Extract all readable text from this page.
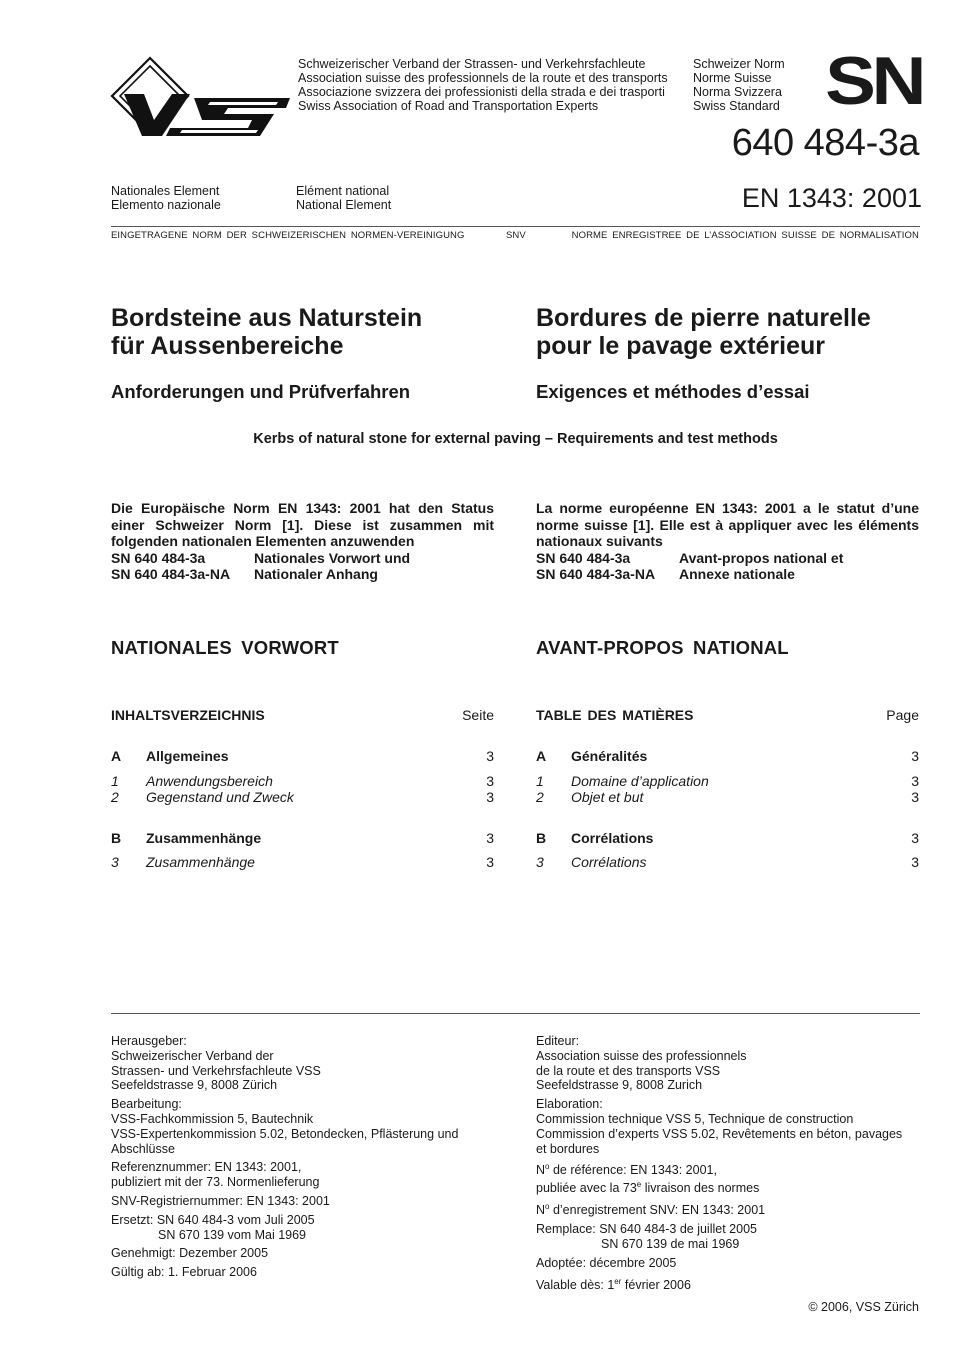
VSS
Schweizerischer Verband der Strassen- und Verkehrsfachleute
Association suisse des professionnels de la route et des transports
Associazione svizzera dei professionisti della strada e dei trasporti
Swiss Association of Road and Transportation Experts
Schweizer Norm
Norme Suisse
Norma Svizzera
Swiss Standard SN
640 484-3a
Nationales Element
Elemento nazionale
Elément national
National Element	EN 1343: 2001
EINGETRAGENE NORM DER SCHWEIZERISCHEN NORMEN-VEREINIGUNG	SNV	NORME ENREGISTREE DE L’ASSOCIATION SUISSE DE NORMALISATION
Bordsteine aus Naturstein
für Aussenbereiche
Bordures de pierre naturelle
pour le pavage extérieur
Anforderungen und Prüfverfahren	Exigences et méthodes d’essai
Kerbs of natural stone for external paving – Requirements and test methods
Die Europäische Norm EN 1343: 2001 hat den Status einer Schweizer Norm [1]. Diese ist zusammen mit folgenden nationalen Elementen anzuwenden
SN 640 484-3a	Nationales Vorwort und
SN 640 484-3a-NA	Nationaler Anhang
La norme européenne EN 1343: 2001 a le statut d’une norme suisse [1]. Elle est à appliquer avec les éléments nationaux suivants
SN 640 484-3a	Avant-propos national et
SN 640 484-3a-NA	Annexe nationale
NATIONALES VORWORT	AVANT-PROPOS NATIONAL
INHALTSVERZEICHNIS	Seite
A Allgemeines	3
1 Anwendungsbereich	3
2 Gegenstand und Zweck	3
B Zusammenhänge	3
3 Zusammenhänge	3
TABLE DES MATIÈRES	Page
A Généralités	3
1 Domaine d’application	3
2 Objet et but	3
B Corrélations	3
3 Corrélations	3

Herausgeber:
Schweizerischer Verband der
Strassen- und Verkehrsfachleute VSS
Seefeldstrasse 9, 8008 Zürich

Bearbeitung:
VSS-Fachkommission 5, Bautechnik
VSS-Expertenkommission 5.02, Betondecken, Pflästerung und
Abschlüsse

Referenznummer: EN 1343: 2001,
publiziert mit der 73. Normenlieferung

SNV-Registriernummer: EN 1343: 2001

Ersetzt: SN 640 484-3 vom Juli 2005
SN 670 139 vom Mai 1969

Genehmigt: Dezember 2005

Gültig ab: 1. Februar 2006

Editeur:
Association suisse des professionnels
de la route et des transports VSS
Seefeldstrasse 9, 8008 Zurich

Elaboration:
Commission technique VSS 5, Technique de construction
Commission d’experts VSS 5.02, Revêtements en béton, pavages
et bordures

$N^o$ de référence: EN 1343: 2001,
publiée avec la 73e livraison des normes

$N^o$ d’enregistrement SNV: EN 1343: 2001

Remplace: SN 640 484-3 de juillet 2005
SN 670 139 de mai 1969

Adoptée: décembre 2005

Valable dès: 1er février 2006

© 2006, VSS Zürich
